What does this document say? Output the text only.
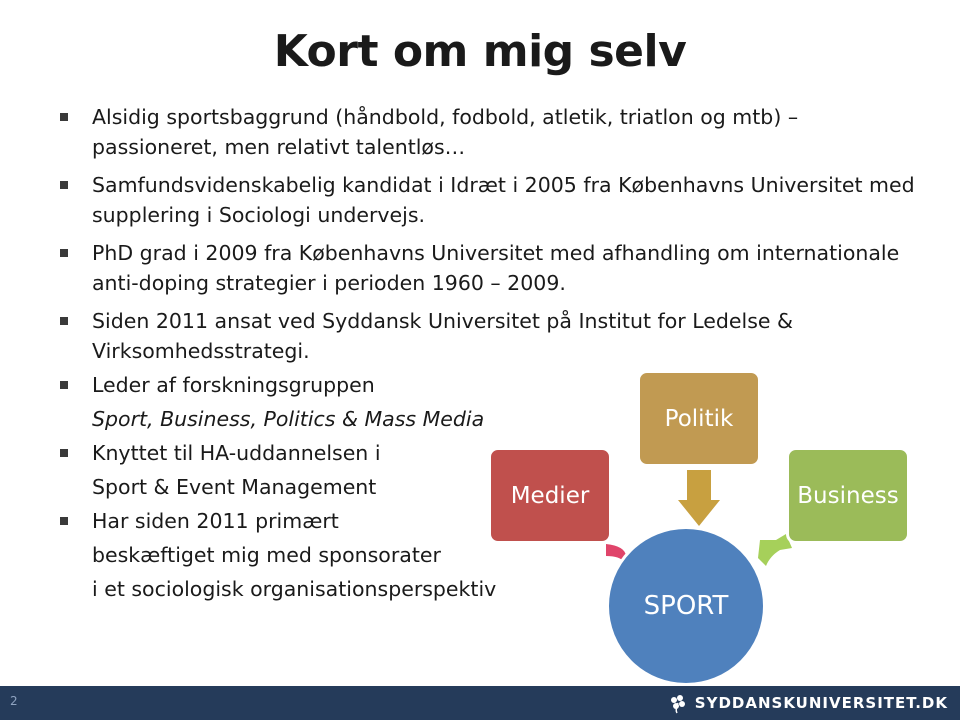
Kort om mig selv
Alsidig sportsbaggrund (håndbold, fodbold, atletik, triatlon og mtb) – passioneret, men relativt talentløs…
Samfundsvidenskabelig kandidat i Idræt i 2005 fra Københavns Universitet med supplering i Sociologi undervejs.
PhD grad i 2009 fra Københavns Universitet med afhandling om internationale anti-doping strategier i perioden 1960 – 2009.
Siden 2011 ansat ved Syddansk Universitet på Institut for Ledelse & Virksomhedsstrategi.
Leder af forskningsgruppen
Sport, Business, Politics & Mass Media
Knyttet til HA-uddannelsen i
Sport & Event Management
Har siden 2011 primært
beskæftiget mig med sponsorater
i et sociologisk organisationsperspektiv
Medier
Politik
Business
SPORT
2	SYDDANSKUNIVERSITET.DK
